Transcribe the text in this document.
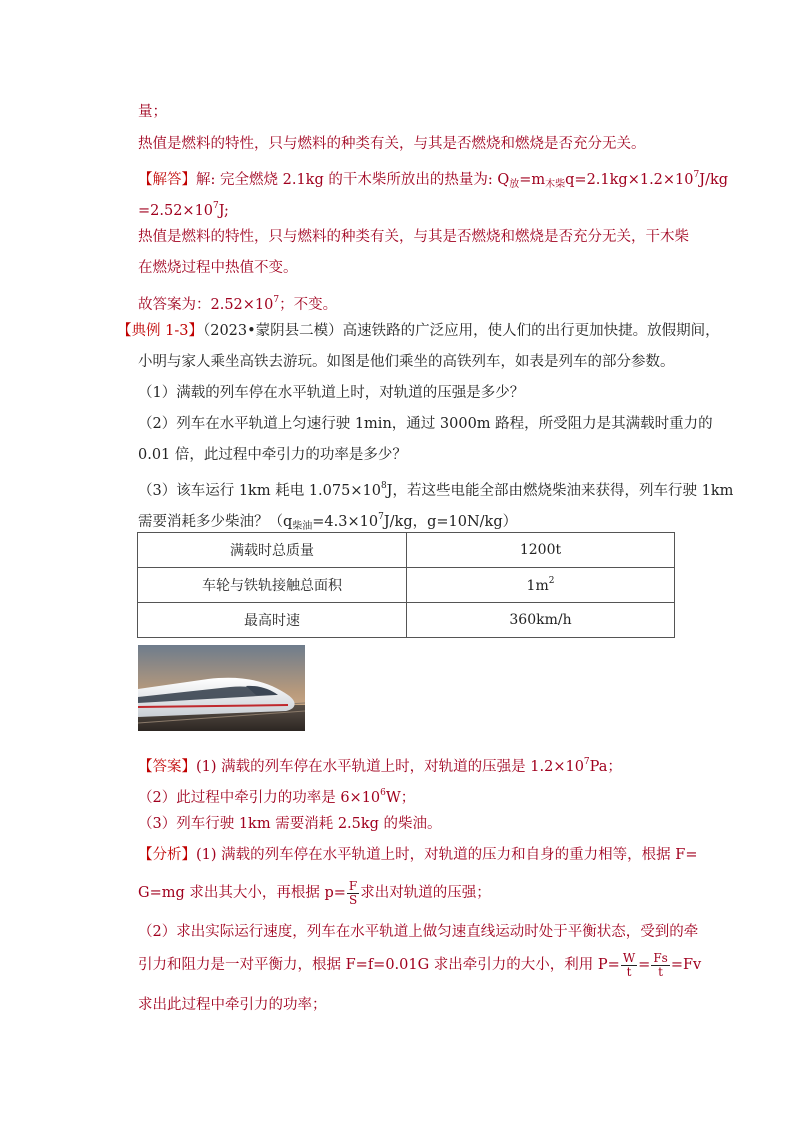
量；
热值是燃料的特性，只与燃料的种类有关，与其是否燃烧和燃烧是否充分无关。
【解答】解: 完全燃烧 2.1kg 的干木柴所放出的热量为: $Q_放=m_{木柴}q=2.1kg\times 1.2\times 10^7J/kg$
$=2.52\times 10^7J$;
热值是燃料的特性，只与燃料的种类有关，与其是否燃烧和燃烧是否充分无关，干木柴
在燃烧过程中热值不变。
故答案为：$2.52\times 10^7$；不变。
【典例 1-3】（2023•蒙阴县二模）高速铁路的广泛应用，使人们的出行更加快捷。放假期间，
小明与家人乘坐高铁去游玩。如图是他们乘坐的高铁列车，如表是列车的部分参数。
（1）满载的列车停在水平轨道上时，对轨道的压强是多少？
（2）列车在水平轨道上匀速行驶 1min，通过 3000m 路程，所受阻力是其满载时重力的
0.01 倍，此过程中牵引力的功率是多少？
（3）该车运行 1km 耗电 $1.075\times 10^8J$，若这些电能全部由燃烧柴油来获得，列车行驶 1km
需要消耗多少柴油？（$q_{柴油}=4.3\times 10^7J/kg$，g=10N/kg）
满载时总质量	1200t
车轮与铁轨接触总面积	$1m^2$
最高时速	360km/h
【答案】(1) 满载的列车停在水平轨道上时，对轨道的压强是 $1.2\times 10^7Pa$；
（2）此过程中牵引力的功率是 $6\times 10^6W$；
（3）列车行驶 1km 需要消耗 2.5kg 的柴油。
【分析】(1) 满载的列车停在水平轨道上时，对轨道的压力和自身的重力相等，根据 F=
G=mg 求出其大小，再根据 $p= \frac{F}{S}$ 求出对轨道的压强；
（2）求出实际运行速度，列车在水平轨道上做匀速直线运动时处于平衡状态，受到的牵
引力和阻力是一对平衡力，根据 F=f=0.01G 求出牵引力的大小，利用 $P= \frac{W}{t} = \frac{Fs}{t} =Fv$
求出此过程中牵引力的功率；
